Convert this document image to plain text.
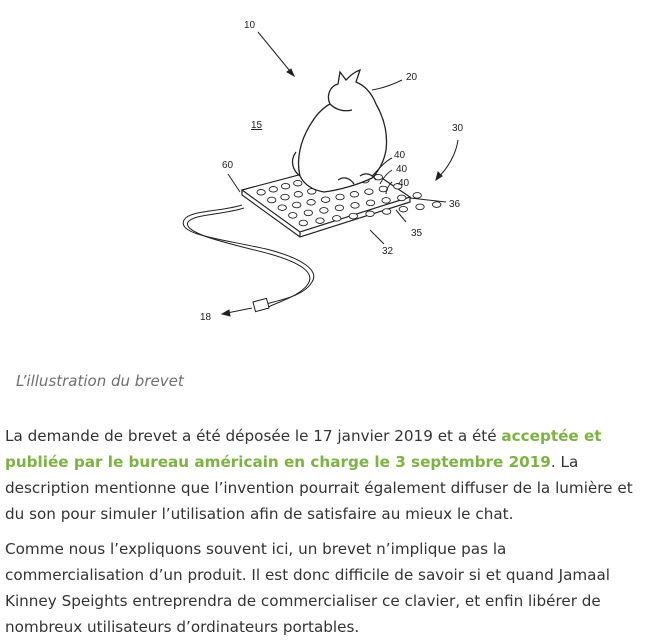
10
20
15	30
60
40
40
40
36
35
32
18
L’illustration du brevet

La demande de brevet a été déposée le 17 janvier 2019 et a été acceptée et publiée par le bureau américain en charge le 3 septembre 2019. La description mentionne que l’invention pourrait également diffuser de la lumière et du son pour simuler l’utilisation afin de satisfaire au mieux le chat.

Comme nous l’expliquons souvent ici, un brevet n’implique pas la commercialisation d’un produit. Il est donc difficile de savoir si et quand Jamaal Kinney Speights entreprendra de commercialiser ce clavier, et enfin libérer de nombreux utilisateurs d’ordinateurs portables.
